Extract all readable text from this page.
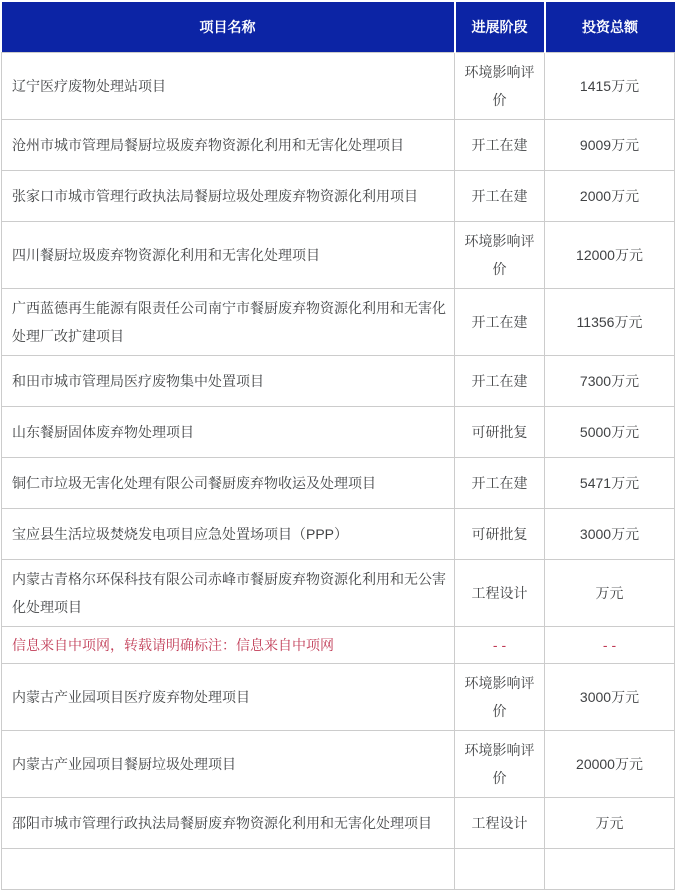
项目名称	进展阶段	投资总额
辽宁医疗废物处理站项目	环境影响评价	1415万元
沧州市城市管理局餐厨垃圾废弃物资源化利用和无害化处理项目	开工在建	9009万元
张家口市城市管理行政执法局餐厨垃圾处理废弃物资源化利用项目	开工在建	2000万元
四川餐厨垃圾废弃物资源化利用和无害化处理项目	环境影响评价	12000万元
广西蓝德再生能源有限责任公司南宁市餐厨废弃物资源化利用和无害化处理厂改扩建项目	开工在建	11356万元
和田市城市管理局医疗废物集中处置项目	开工在建	7300万元
山东餐厨固体废弃物处理项目	可研批复	5000万元
铜仁市垃圾无害化处理有限公司餐厨废弃物收运及处理项目	开工在建	5471万元
宝应县生活垃圾焚烧发电项目应急处置场项目（PPP）	可研批复	3000万元
内蒙古青格尔环保科技有限公司赤峰市餐厨废弃物资源化利用和无公害化处理项目	工程设计	万元
信息来自中项网，转载请明确标注：信息来自中项网	- -	- -
内蒙古产业园项目医疗废弃物处理项目	环境影响评价	3000万元
内蒙古产业园项目餐厨垃圾处理项目	环境影响评价	20000万元
邵阳市城市管理行政执法局餐厨废弃物资源化利用和无害化处理项目	工程设计	万元
